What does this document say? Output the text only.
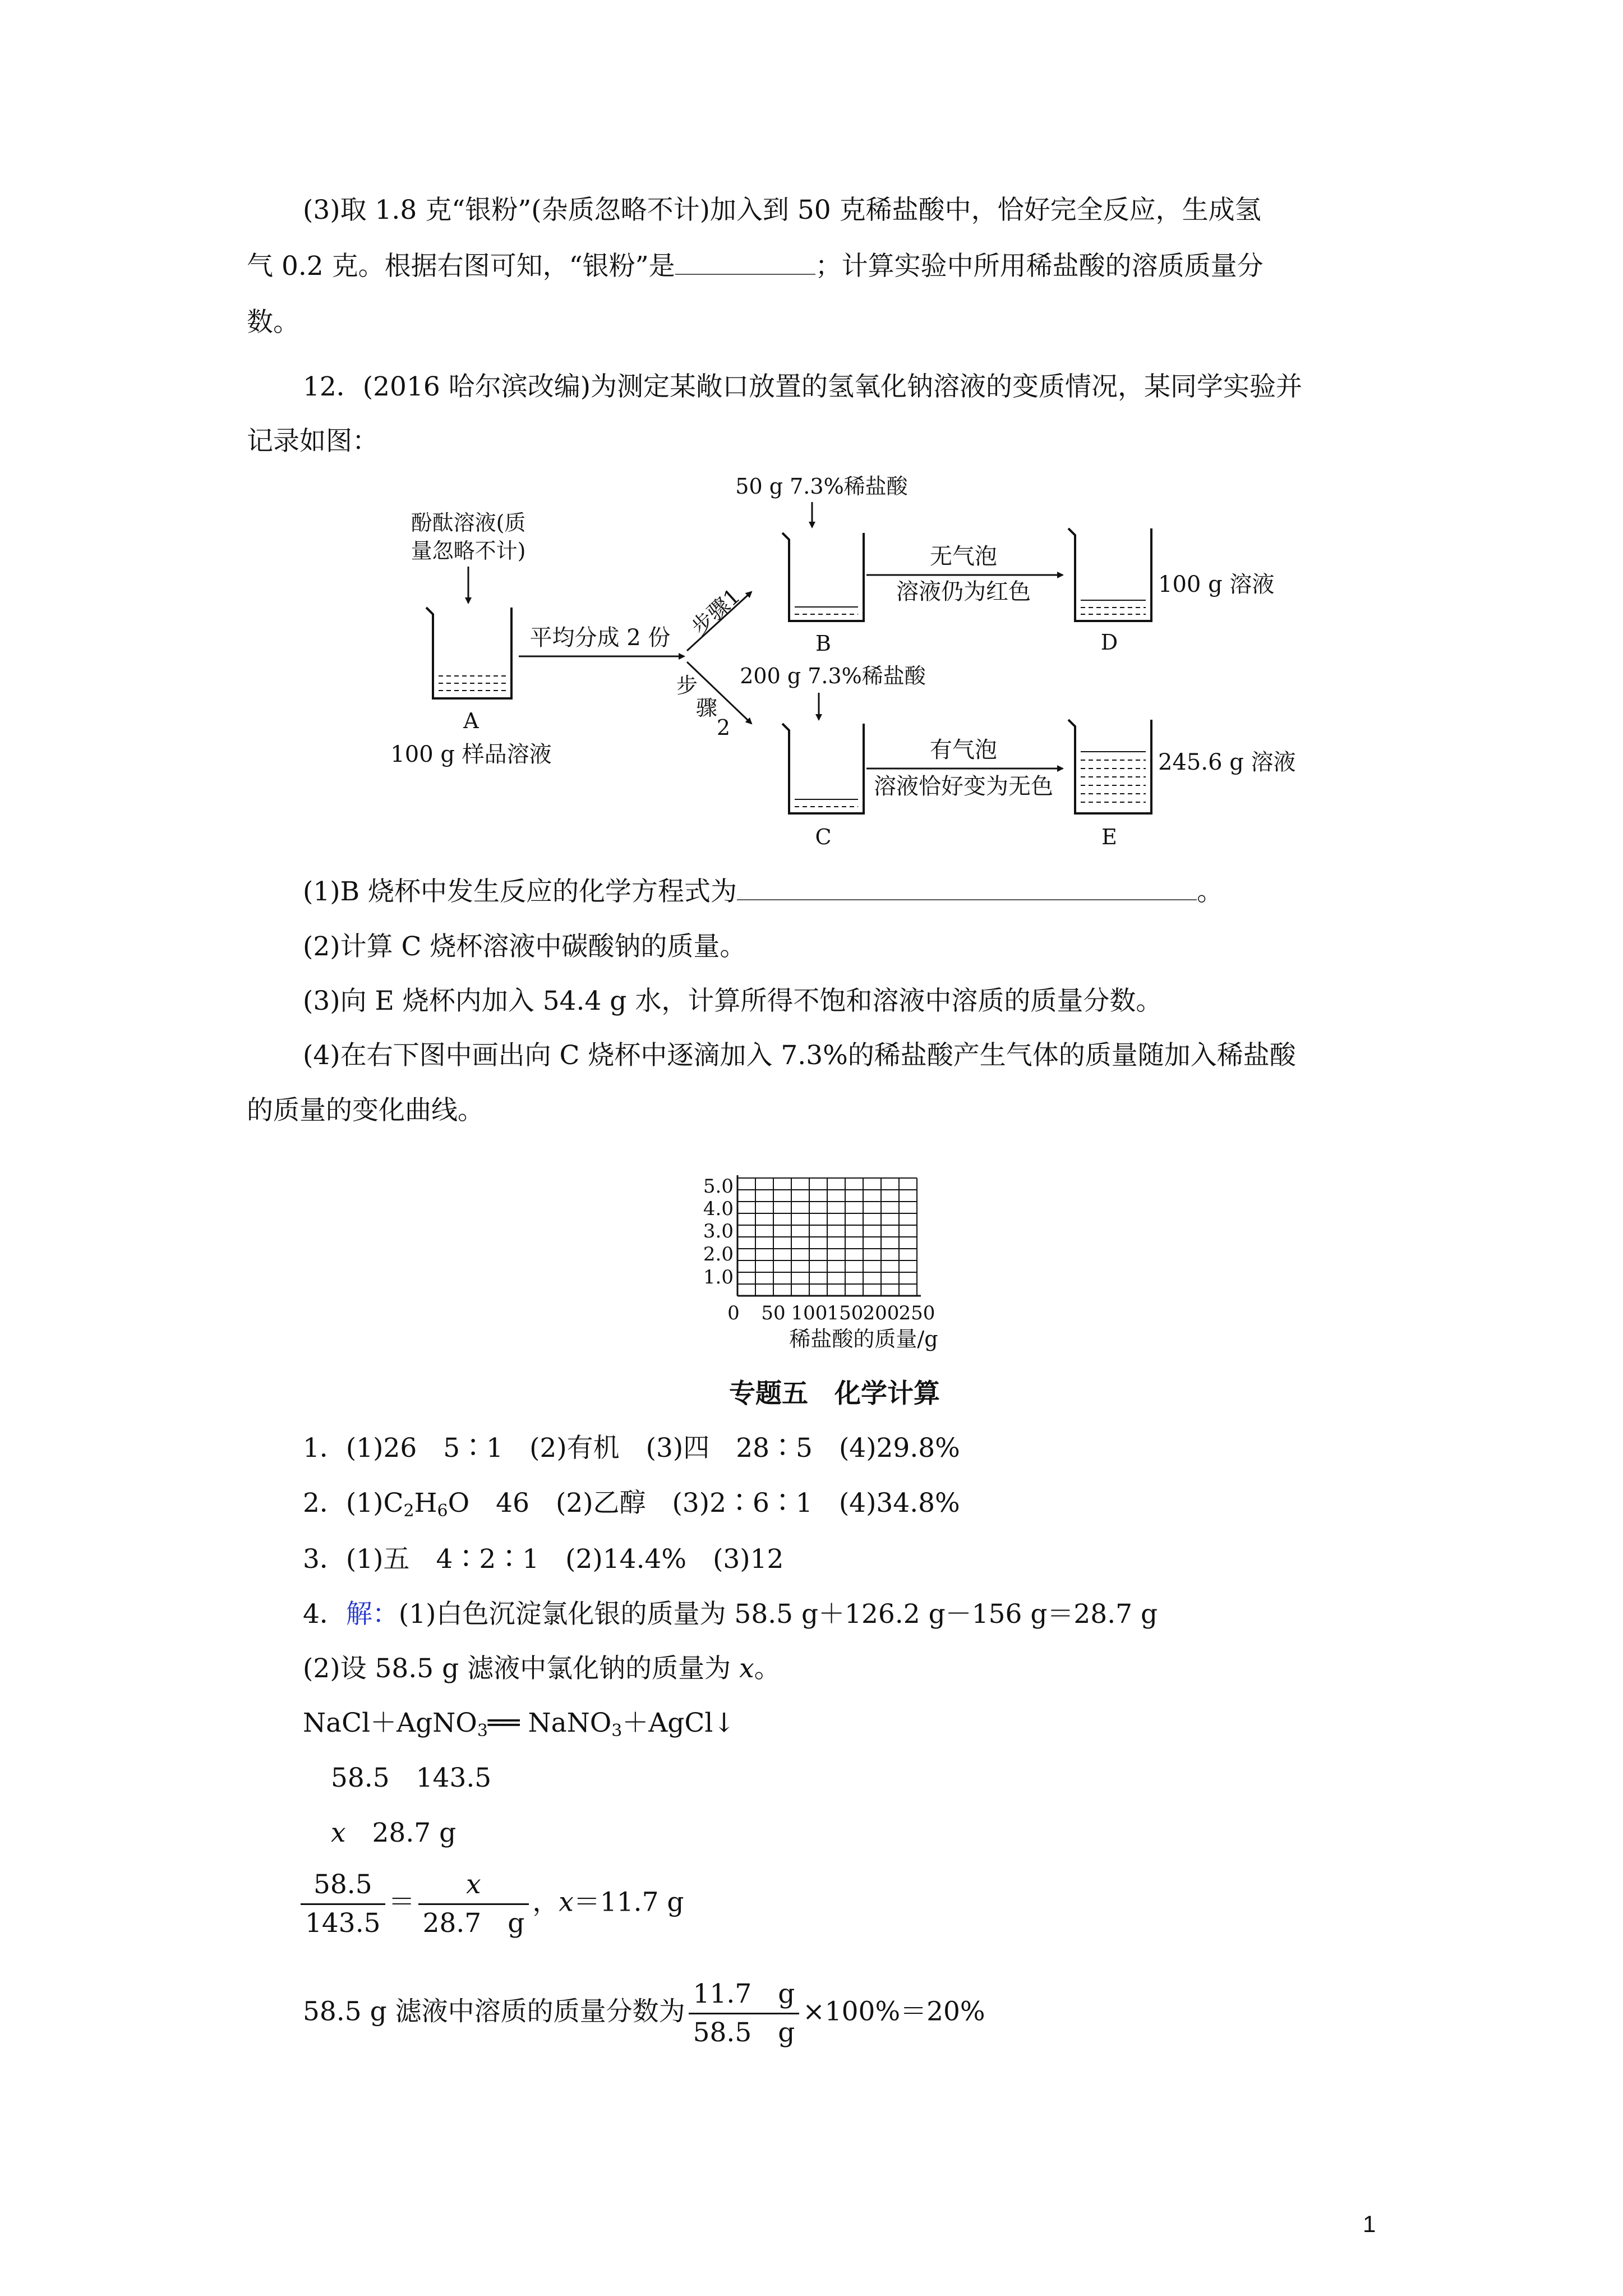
(3)取 1.8 克“银粉”(杂质忽略不计)加入到 50 克稀盐酸中，恰好完全反应，生成氢
气 0.2 克。根据右图可知，“银粉”是	；计算实验中所用稀盐酸的溶质质量分
数。
12．(2016 哈尔滨改编)为测定某敞口放置的氢氧化钠溶液的变质情况，某同学实验并
记录如图：
酚酞溶液(质
量忽略不计)
A
100 g 样品溶液
平均分成 2 份 步骤1
步
骤
2
50 g 7.3%稀盐酸
B
无气泡
溶液仍为红色
D
100 g 溶液
200 g 7.3%稀盐酸
C
有气泡
溶液恰好变为无色
E
245.6 g 溶液
(1)B 烧杯中发生反应的化学方程式为	。
(2)计算 C 烧杯溶液中碳酸钠的质量。
(3)向 E 烧杯内加入 54.4 g 水，计算所得不饱和溶液中溶质的质量分数。
(4)在右下图中画出向 C 烧杯中逐滴加入 7.3%的稀盐酸产生气体的质量随加入稀盐酸
的质量的变化曲线。
5.0
4.0
3.0
2.0
1.0
0 50 100 150 200 250
稀盐酸的质量/g
专题五　化学计算
1．(1)26　5∶1　(2)有机　(3)四　28∶5　(4)29.8%
2．$(1)C_2H_6O$　46　(2)乙醇　(3)2∶6∶1　(4)34.8%
3．(1)五　4∶2∶1　(2)14.4%　(3)12
4．解：(1)白色沉淀氯化银的质量为 58.5 g＋126.2 g－156 g＝28.7 g
(2)设 58.5 g 滤液中氯化钠的质量为 x。
NaCl＋AgNO$_3$══ NaNO$_3$＋AgCl↓
58.5　143.5
x　28.7 g
$\frac{58.5}{143.5} = \frac{x}{28.7 g}$ ，x＝11.7 g
58.5 g 滤液中溶质的质量分数为 $\frac{11.7 g}{58.5 g} \times 100\%=20\%$
1
